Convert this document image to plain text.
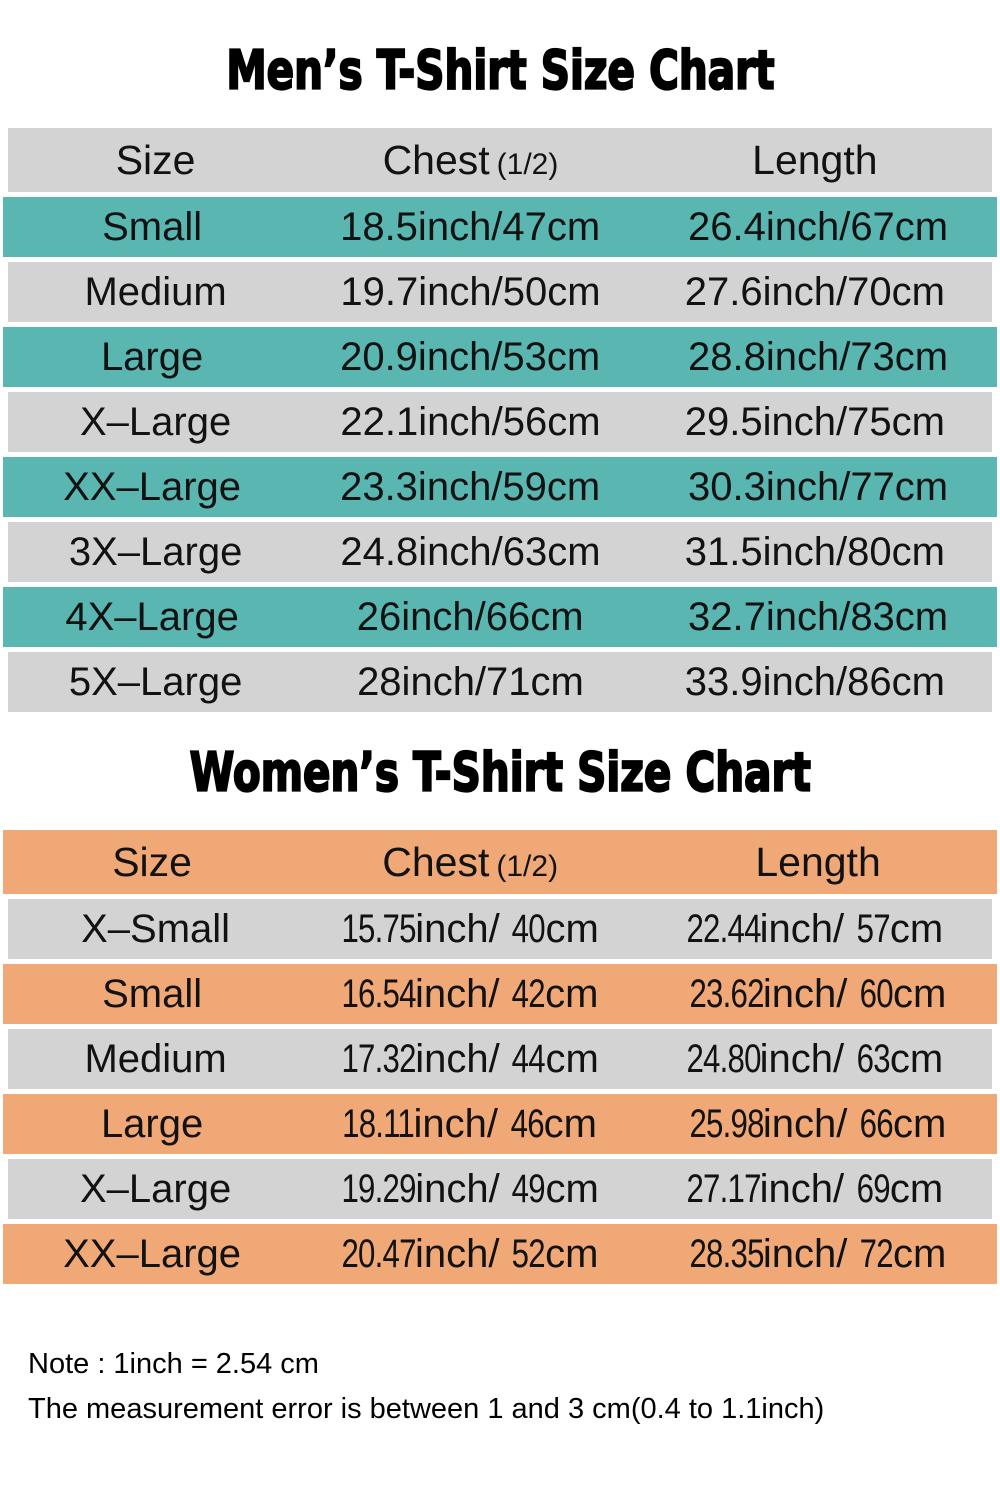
Men’s T-Shirt Size Chart
Size	Chest (1/2)	Length
Small	18.5inch/47cm	26.4inch/67cm
Medium	19.7inch/50cm	27.6inch/70cm
Large	20.9inch/53cm	28.8inch/73cm
X–Large	22.1inch/56cm	29.5inch/75cm
XX–Large	23.3inch/59cm	30.3inch/77cm
3X–Large	24.8inch/63cm	31.5inch/80cm
4X–Large	26inch/66cm	32.7inch/83cm
5X–Large	28inch/71cm	33.9inch/86cm
Women’s T-Shirt Size Chart
Size	Chest (1/2)	Length
X–Small	15.75inch/ 40cm	22.44inch/ 57cm
Small	16.54inch/ 42cm	23.62inch/ 60cm
Medium	17.32inch/ 44cm	24.80inch/ 63cm
Large	18.11inch/ 46cm	25.98inch/ 66cm
X–Large	19.29inch/ 49cm	27.17inch/ 69cm
XX–Large	20.47inch/ 52cm	28.35inch/ 72cm
Note : 1inch = 2.54 cm
The measurement error is between 1 and 3 cm(0.4 to 1.1inch)
